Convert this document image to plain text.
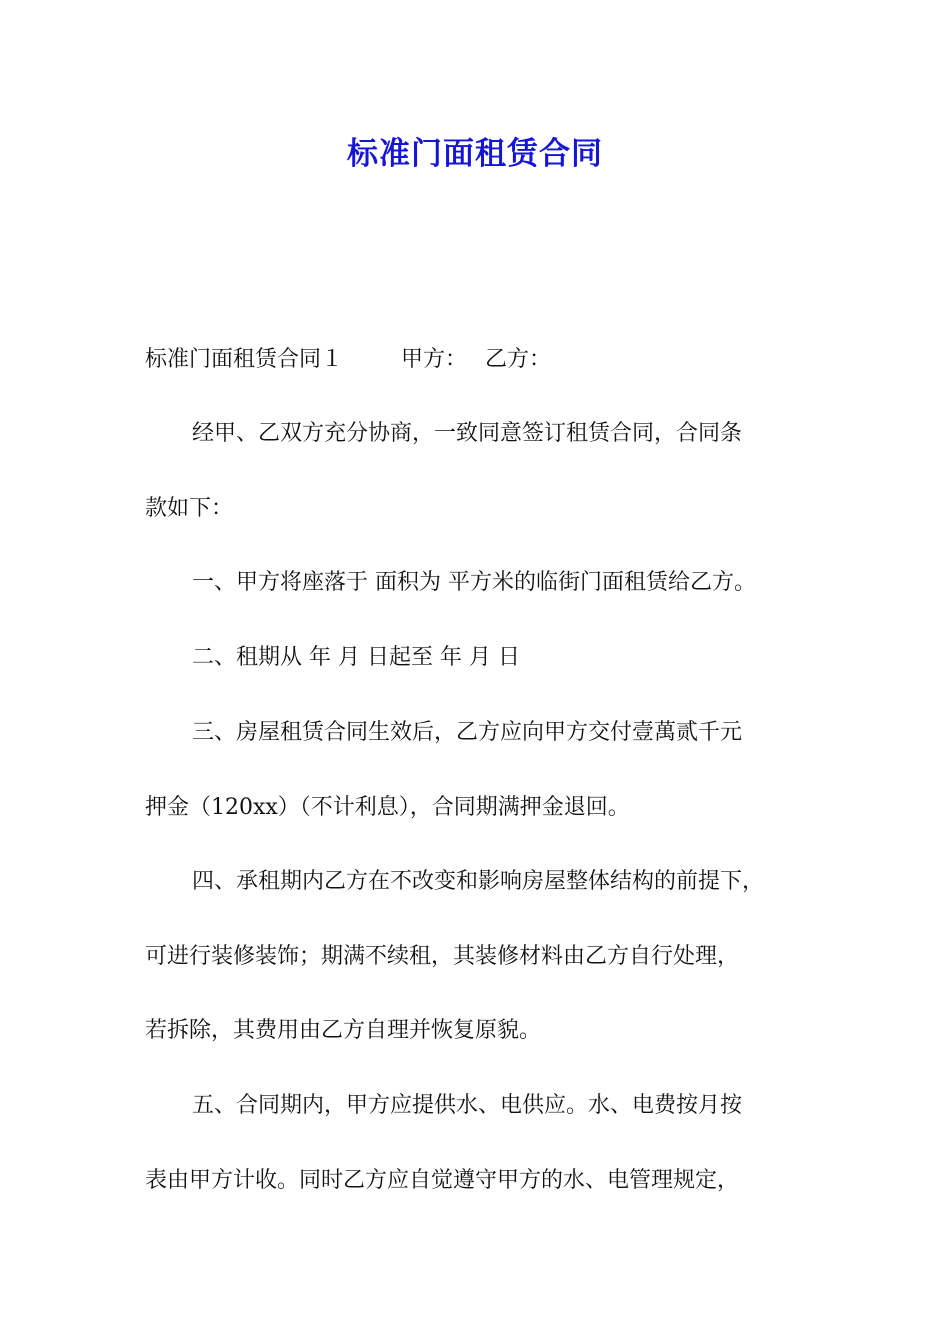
标准门面租赁合同

标准门面租赁合同１	甲方： 乙方：

经甲、乙双方充分协商，一致同意签订租赁合同，合同条

款如下：

一、甲方将座落于 面积为 平方米的临街门面租赁给乙方。

二、租期从 年 月 日起至 年 月 日

三、房屋租赁合同生效后，乙方应向甲方交付壹萬贰千元

押金（120xx）（不计利息），合同期满押金退回。

四、承租期内乙方在不改变和影响房屋整体结构的前提下，

可进行装修装饰；期满不续租，其装修材料由乙方自行处理，

若拆除，其费用由乙方自理并恢复原貌。

五、合同期内，甲方应提供水、电供应。水、电费按月按

表由甲方计收。同时乙方应自觉遵守甲方的水、电管理规定，
